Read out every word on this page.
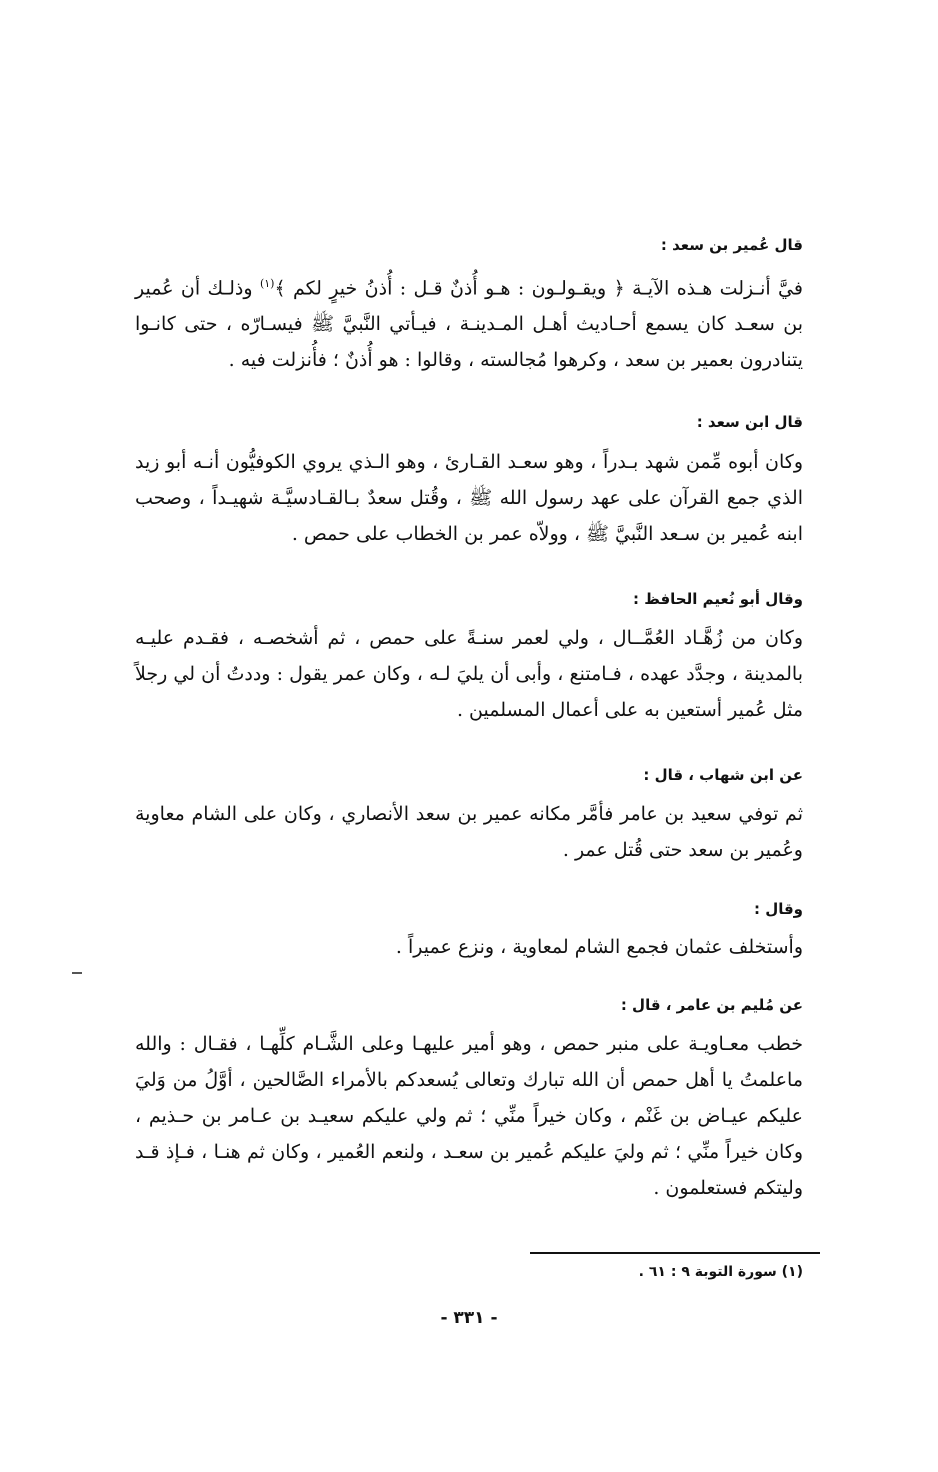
قال عُمير بن سعد :
فيَّ أنـزلت هـذه الآيـة ﴿ ويقـولـون : هـو أُذنٌ قـل : أُذنُ خيرٍ لكم ﴾$^{(١)}$ وذلـك أن عُمير بن سعـد كان يسمع أحـاديث أهـل المـدينـة ، فيـأتي النَّبيَّ ﷺ فيسـارّه ، حتى كانـوا يتنادرون بعمير بن سعد ، وكرهوا مُجالسته ، وقالوا : هو أُذنٌ ؛ فأُنزلت فيه .
قال ابن سعد :
وكان أبوه مِّمن شهد بـدراً ، وهو سعـد القـارئ ، وهو الـذي يروي الكوفيُّون أنـه أبو زيد الذي جمع القرآن على عهد رسول الله ﷺ ، وقُتل سعدٌ بـالقـادسيَّـة شهيـداً ، وصحب ابنه عُمير بن سـعد النَّبيَّ ﷺ ، وولاّه عمر بن الخطاب على حمص .
وقال أبو نُعيم الحافظ :
وكان من زُهَّـاد العُمَّــال ، ولي لعمر سنـةً على حمص ، ثم أشخصـه ، فقـدم عليـه بالمدينة ، وجدَّد عهده ، فـامتنع ، وأبى أن يليَ لـه ، وكان عمر يقول : وددتُ أن لي رجلاً مثل عُمير أستعين به على أعمال المسلمين .
عن ابن شهاب ، قال :
ثم توفي سعيد بن عامر فأمَّر مكانه عمير بن سعد الأنصاري ، وكان على الشام معاوية وعُمير بن سعد حتى قُتل عمر .
وقال :
وأستخلف عثمان فجمع الشام لمعاوية ، ونزع عميراً .
عن مُليم بن عامر ، قال :
خطب معـاويـة على منبر حمص ، وهو أمير عليهـا وعلى الشَّـام كلِّهـا ، فقـال : والله ماعلمتُ يا أهل حمص أن الله تبارك وتعالى يُسعدكم بالأمراء الصَّالحين ، أوَّلُ من وَليَ عليكم عيـاض بن غَنْم ، وكان خيراً منِّي ؛ ثم ولي عليكم سعيـد بن عـامر بن حـذيم ، وكان خيراً منِّي ؛ ثم وليَ عليكم عُمير بن سعـد ، ولنعم العُمير ، وكان ثم هنـا ، فـإذ قـد وليتكم فستعلمون .
(١) سورة التوبة ٩ : ٦١ .
- ٣٣١ -
